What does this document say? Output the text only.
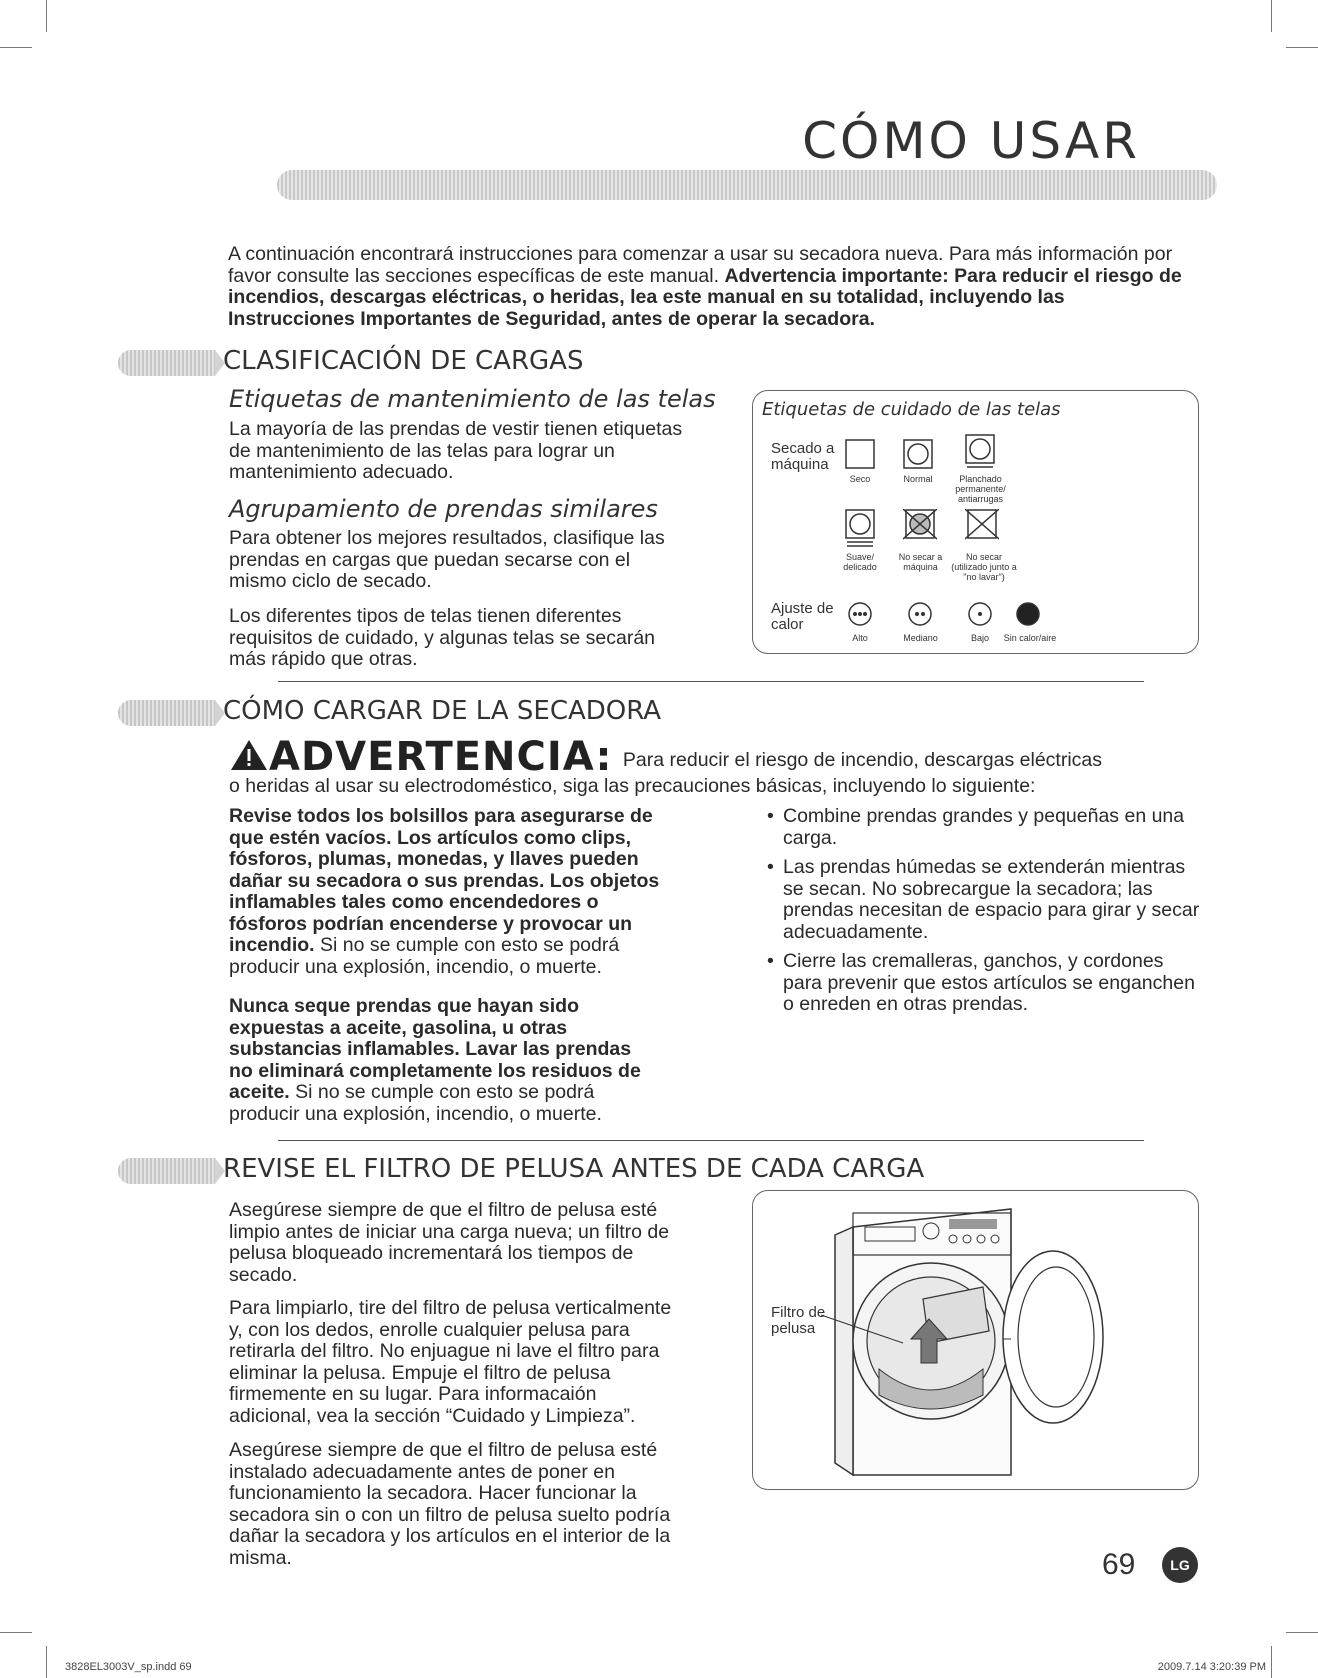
CÓMO USAR

A continuación encontrará instrucciones para comenzar a usar su secadora nueva. Para más información por favor consulte las secciones específicas de este manual. Advertencia importante: Para reducir el riesgo de incendios, descargas eléctricas, o heridas, lea este manual en su totalidad, incluyendo las Instrucciones Importantes de Seguridad, antes de operar la secadora.

CLASIFICACIÓN DE CARGAS
Etiquetas de mantenimiento de las telas

La mayoría de las prendas de vestir tienen etiquetas de mantenimiento de las telas para lograr un mantenimiento adecuado.

Agrupamiento de prendas similares

Para obtener los mejores resultados, clasifique las prendas en cargas que puedan secarse con el mismo ciclo de secado.

Los diferentes tipos de telas tienen diferentes requisitos de cuidado, y algunas telas se secarán más rápido que otras.

Etiquetas de cuidado de las telas
Secado a máquina
Seco	Normal	Planchado permanente/ antiarrugas
Suave/ delicado
No secar a máquina
No secar (utilizado junto a "no lavar")
Ajuste de calor
Alto	Mediano	Bajo	Sin calor/aire
CÓMO CARGAR DE LA SECADORA
ADVERTENCIA: Para reducir el riesgo de incendio, descargas eléctricas

o heridas al usar su electrodoméstico, siga las precauciones básicas, incluyendo lo siguiente:

Revise todos los bolsillos para asegurarse de que estén vacíos. Los artículos como clips, fósforos, plumas, monedas, y llaves pueden dañar su secadora o sus prendas. Los objetos inflamables tales como encendedores o fósforos podrían encenderse y provocar un incendio. Si no se cumple con esto se podrá producir una explosión, incendio, o muerte.

Nunca seque prendas que hayan sido expuestas a aceite, gasolina, u otras substancias inflamables. Lavar las prendas no eliminará completamente los residuos de aceite. Si no se cumple con esto se podrá producir una explosión, incendio, o muerte.

• Combine prendas grandes y pequeñas en una carga.
• Las prendas húmedas se extenderán mientras se secan. No sobrecargue la secadora; las prendas necesitan de espacio para girar y secar adecuadamente.
• Cierre las cremalleras, ganchos, y cordones para prevenir que estos artículos se enganchen o enreden en otras prendas.
REVISE EL FILTRO DE PELUSA ANTES DE CADA CARGA

Asegúrese siempre de que el filtro de pelusa esté limpio antes de iniciar una carga nueva; un filtro de pelusa bloqueado incrementará los tiempos de secado.

Para limpiarlo, tire del filtro de pelusa verticalmente y, con los dedos, enrolle cualquier pelusa para retirarla del filtro. No enjuague ni lave el filtro para eliminar la pelusa. Empuje el filtro de pelusa firmemente en su lugar. Para informacaión adicional, vea la sección “Cuidado y Limpieza”.

Asegúrese siempre de que el filtro de pelusa esté instalado adecuadamente antes de poner en funcionamiento la secadora. Hacer funcionar la secadora sin o con un filtro de pelusa suelto podría dañar la secadora y los artículos en el interior de la misma.

Filtro de pelusa
69	LG
3828EL3003V_sp.indd 69	2009.7.14 3:20:39 PM
